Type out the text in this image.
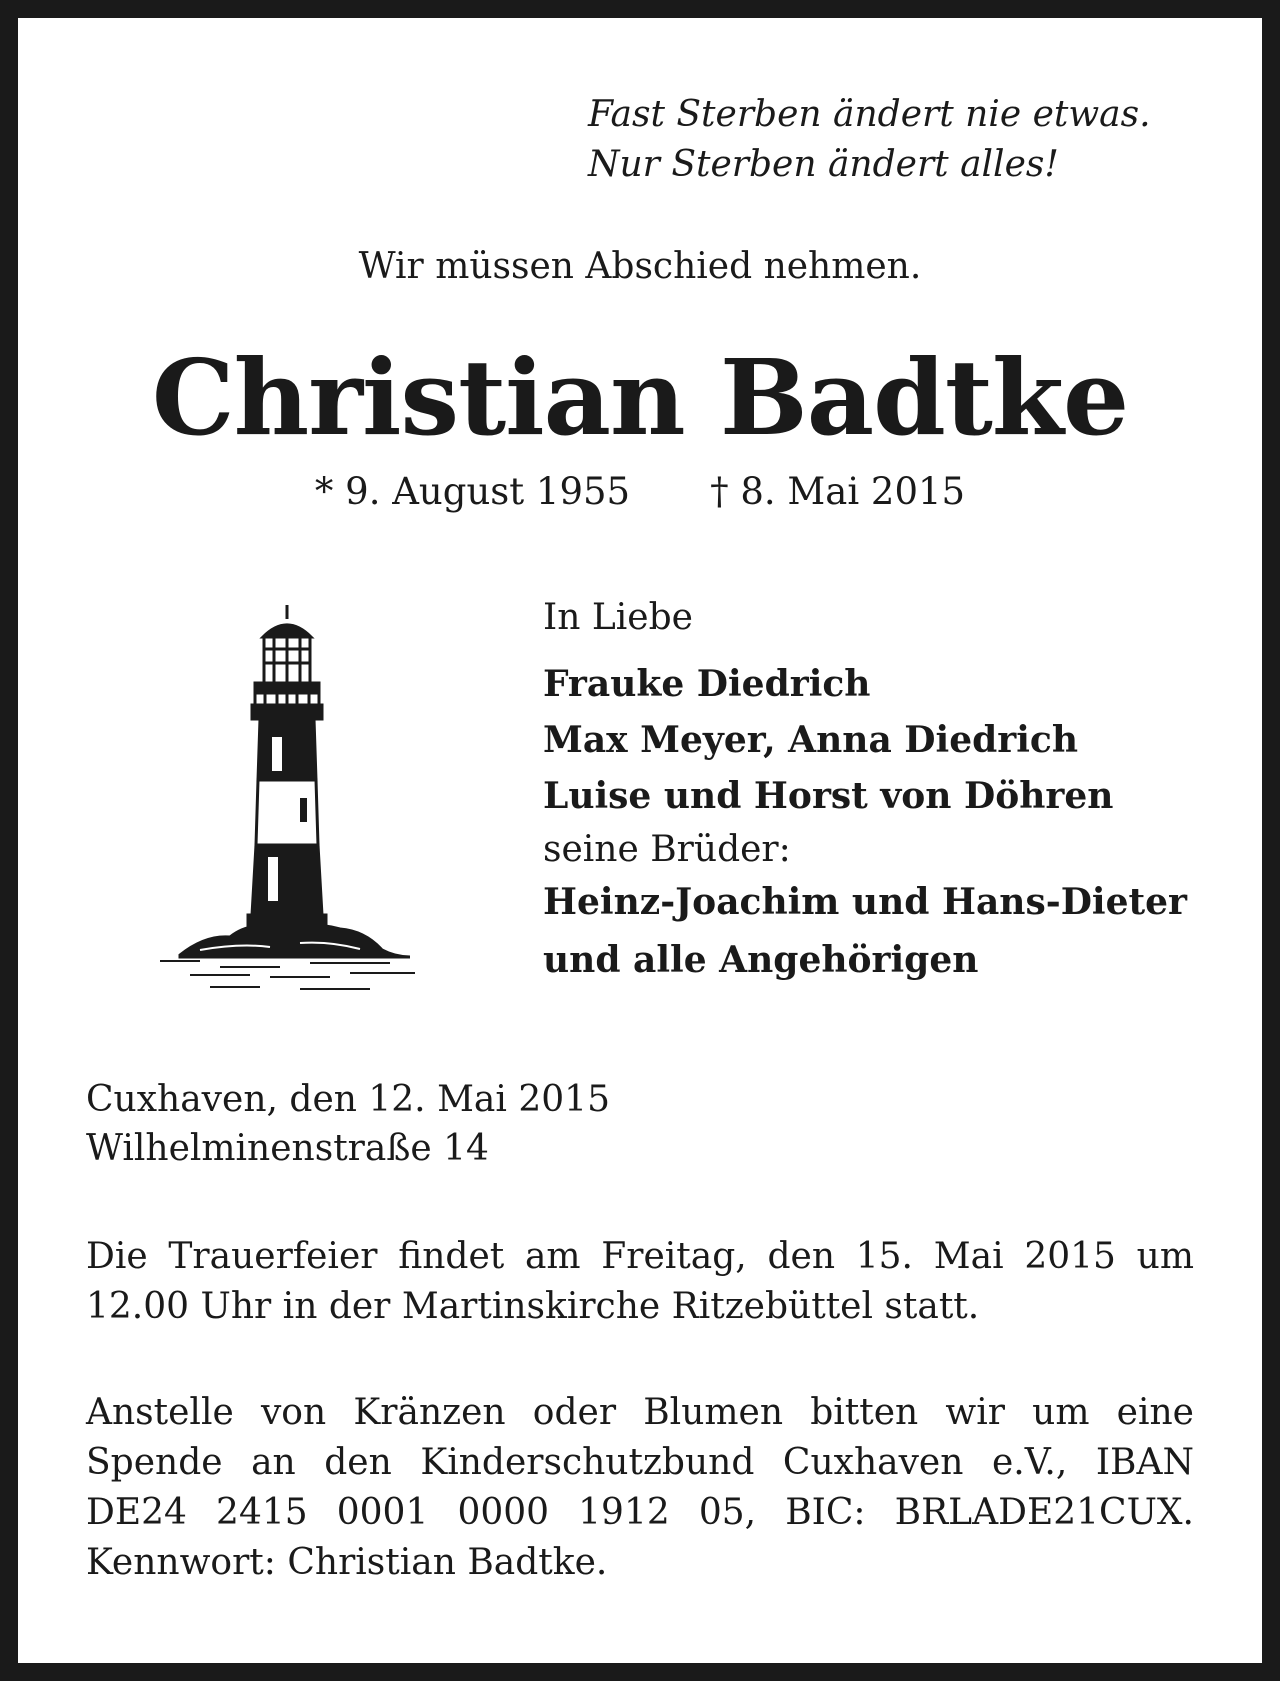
Fast Sterben ändert nie etwas.
Nur Sterben ändert alles!
Wir müssen Abschied nehmen.
Christian Badtke
* 9. August 1955 † 8. Mai 2015
In Liebe
Frauke Diedrich
Max Meyer, Anna Diedrich
Luise und Horst von Döhren
seine Brüder:
Heinz-Joachim und Hans-Dieter
und alle Angehörigen
Cuxhaven, den 12. Mai 2015
Wilhelminenstraße 14
Die Trauerfeier findet am Freitag, den 15. Mai 2015 um 12.00 Uhr in der Martinskirche Ritzebüttel statt.
Anstelle von Kränzen oder Blumen bitten wir um eine Spende an den Kinderschutzbund Cuxhaven e.V., IBAN DE24 2415 0001 0000 1912 05, BIC: BRLADE21CUX. Kennwort: Christian Badtke.
